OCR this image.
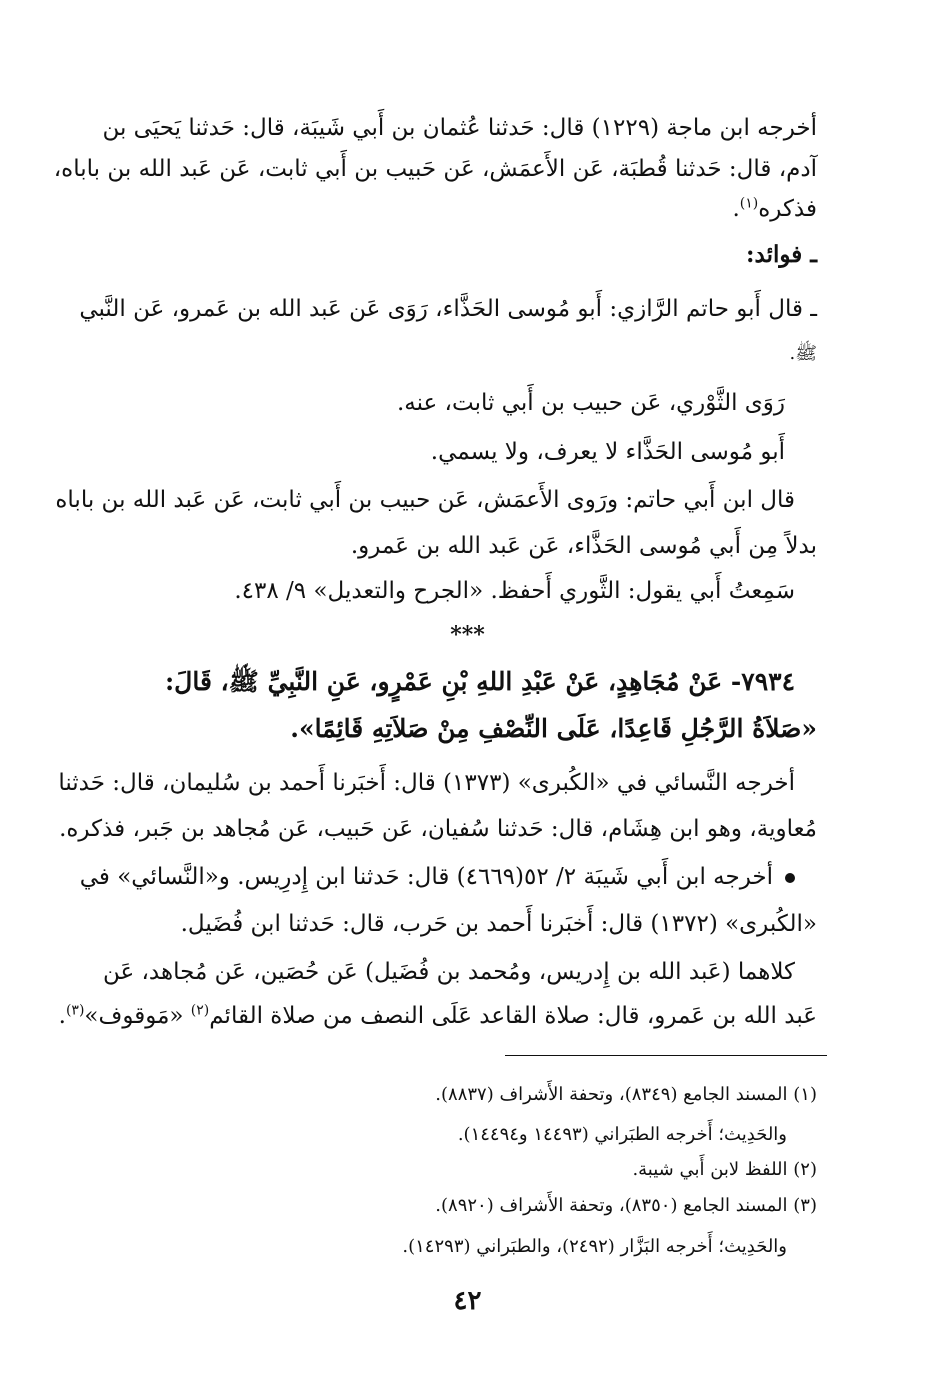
أخرجه ابن ماجة (١٢٢٩) قال: حَدثنا عُثمان بن أَبي شَيبَة، قال: حَدثنا يَحيَى بن
آدم، قال: حَدثنا قُطبَة، عَن الأَعمَش، عَن حَبيب بن أَبي ثابت، عَن عَبد الله بن باباه،
فذكره$^{(١)}$.
ـ فوائد:
ـ قال أَبو حاتم الرَّازي: أَبو مُوسى الحَذَّاء، رَوَى عَن عَبد الله بن عَمرو، عَن النَّبي
ﷺ.
رَوَى الثَّوْري، عَن حبيب بن أَبي ثابت، عنه.
أَبو مُوسى الحَذَّاء لا يعرف، ولا يسمي.
قال ابن أَبي حاتم: ورَوى الأَعمَش، عَن حبيب بن أَبي ثابت، عَن عَبد الله بن باباه
بدلاً مِن أَبي مُوسى الحَذَّاء، عَن عَبد الله بن عَمرو.
سَمِعتُ أَبي يقول: الثَّوري أَحفظ. «الجرح والتعديل» ٩/ ٤٣٨.
***
٧٩٣٤- عَنْ مُجَاهِدٍ، عَنْ عَبْدِ اللهِ بْنِ عَمْرٍو، عَنِ النَّبِيِّ ﷺ، قَالَ:
«صَلاَةُ الرَّجُلِ قَاعِدًا، عَلَى النِّصْفِ مِنْ صَلاَتِهِ قَائِمًا».
أخرجه النَّسائي في «الكُبرى» (١٣٧٣) قال: أَخبَرنا أَحمد بن سُليمان، قال: حَدثنا
مُعاوية، وهو ابن هِشَام، قال: حَدثنا سُفيان، عَن حَبيب، عَن مُجاهد بن جَبر، فذكره.
أخرجه ابن أَبي شَيبَة ٢/ ٥٢(٤٦٦٩) قال: حَدثنا ابن إِدرِيس. و«النَّسائي» في
«الكُبرى» (١٣٧٢) قال: أَخبَرنا أَحمد بن حَرب، قال: حَدثنا ابن فُضَيل.
كلاهما (عَبد الله بن إِدريس، ومُحمد بن فُضَيل) عَن حُصَين، عَن مُجاهد، عَن
عَبد الله بن عَمرو، قال: صلاة القاعد عَلَى النصف من صلاة القائم$^{(٢)}$ «مَوقوف»$^{(٣)}$.
(١) المسند الجامع (٨٣٤٩)، وتحفة الأَشراف (٨٨٣٧).
والحَدِيث؛ أَخرجه الطبَراني (١٤٤٩٣ و١٤٤٩٤).
(٢) اللفظ لابن أَبي شيبة.
(٣) المسند الجامع (٨٣٥٠)، وتحفة الأَشراف (٨٩٢٠).
والحَدِيث؛ أَخرجه البَزَّار (٢٤٩٢)، والطبَراني (١٤٢٩٣).
٤٢
